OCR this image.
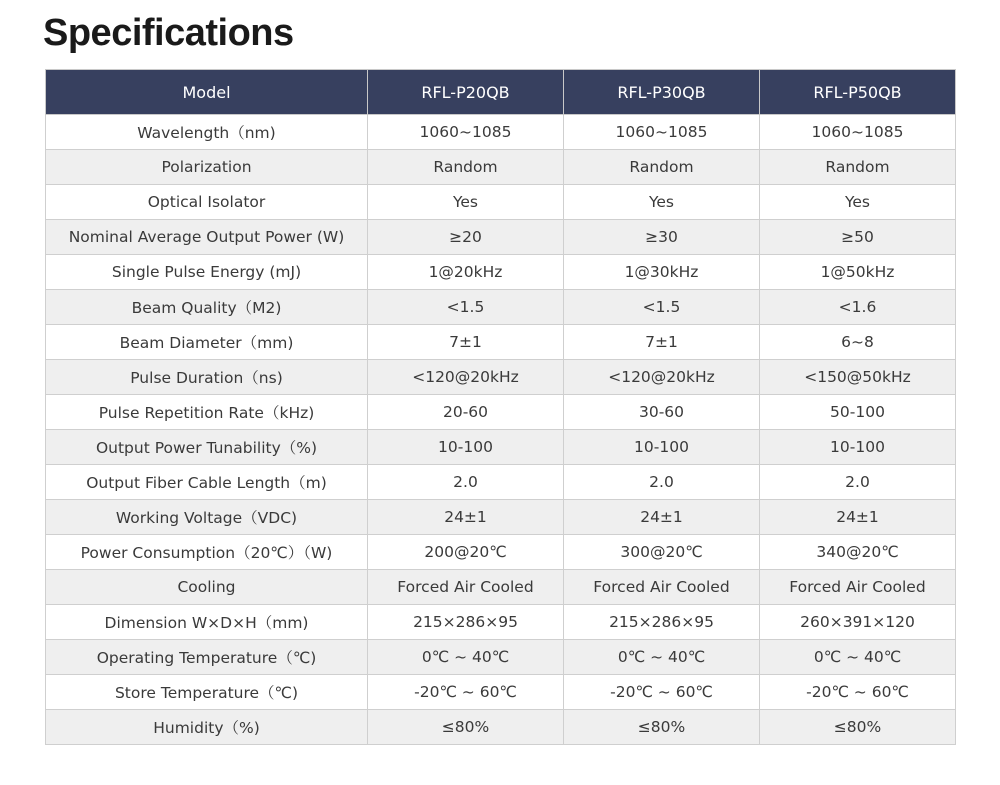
Specifications
Model	RFL-P20QB	RFL-P30QB	RFL-P50QB
Wavelength（nm)	1060~1085	1060~1085	1060~1085
Polarization	Random	Random	Random
Optical Isolator	Yes	Yes	Yes
Nominal Average Output Power (W)	≥20	≥30	≥50
Single Pulse Energy (mJ)	1@20kHz	1@30kHz	1@50kHz
Beam Quality（M2)	<1.5	<1.5	<1.6
Beam Diameter（mm)	7±1	7±1	6~8
Pulse Duration（ns)	<120@20kHz	<120@20kHz	<150@50kHz
Pulse Repetition Rate（kHz)	20-60	30-60	50-100
Output Power Tunability（%)	10-100	10-100	10-100
Output Fiber Cable Length（m)	2.0	2.0	2.0
Working Voltage（VDC)	24±1	24±1	24±1
Power Consumption（20℃）（W)	200@20℃	300@20℃	340@20℃
Cooling	Forced Air Cooled	Forced Air Cooled	Forced Air Cooled
Dimension W×D×H（mm)	215×286×95	215×286×95	260×391×120
Operating Temperature（℃)	0℃ ~ 40℃	0℃ ~ 40℃	0℃ ~ 40℃
Store Temperature（℃)	-20℃ ~ 60℃	-20℃ ~ 60℃	-20℃ ~ 60℃
Humidity（%)	≤80%	≤80%	≤80%
